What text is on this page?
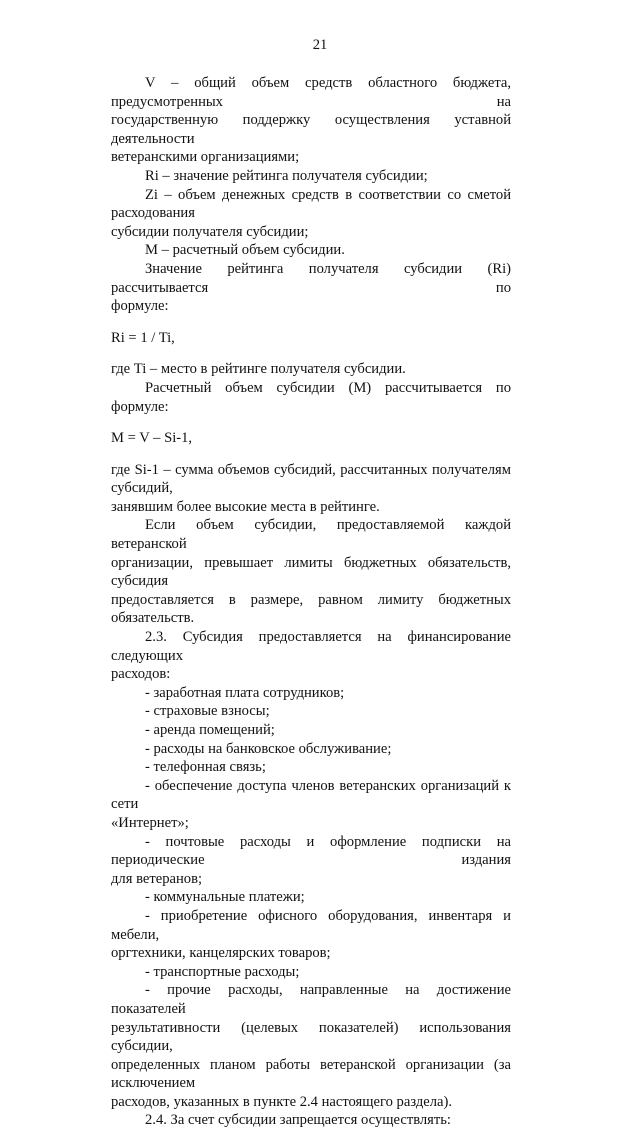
21

V – общий объем средств областного бюджета, предусмотренных на

государственную поддержку осуществления уставной деятельности

ветеранскими организациями;

Ri – значение рейтинга получателя субсидии;

Zi – объем денежных средств в соответствии со сметой расходования

субсидии получателя субсидии;

M – расчетный объем субсидии.

Значение рейтинга получателя субсидии (Ri) рассчитывается по

формуле:

Ri = 1 / Ti,

где Ti – место в рейтинге получателя субсидии.

Расчетный объем субсидии (M) рассчитывается по формуле:

M = V – Si-1,

где Si-1 – сумма объемов субсидий, рассчитанных получателям субсидий,

занявшим более высокие места в рейтинге.

Если объем субсидии, предоставляемой каждой ветеранской

организации, превышает лимиты бюджетных обязательств, субсидия

предоставляется в размере, равном лимиту бюджетных обязательств.

2.3. Субсидия предоставляется на финансирование следующих

расходов:

- заработная плата сотрудников;

- страховые взносы;

- аренда помещений;

- расходы на банковское обслуживание;

- телефонная связь;

- обеспечение доступа членов ветеранских организаций к сети

«Интернет»;

- почтовые расходы и оформление подписки на периодические издания

для ветеранов;

- коммунальные платежи;

- приобретение офисного оборудования, инвентаря и мебели,

оргтехники, канцелярских товаров;

- транспортные расходы;

- прочие расходы, направленные на достижение показателей

результативности (целевых показателей) использования субсидии,

определенных планом работы ветеранской организации (за исключением

расходов, указанных в пункте 2.4 настоящего раздела).

2.4. За счет субсидии запрещается осуществлять:
